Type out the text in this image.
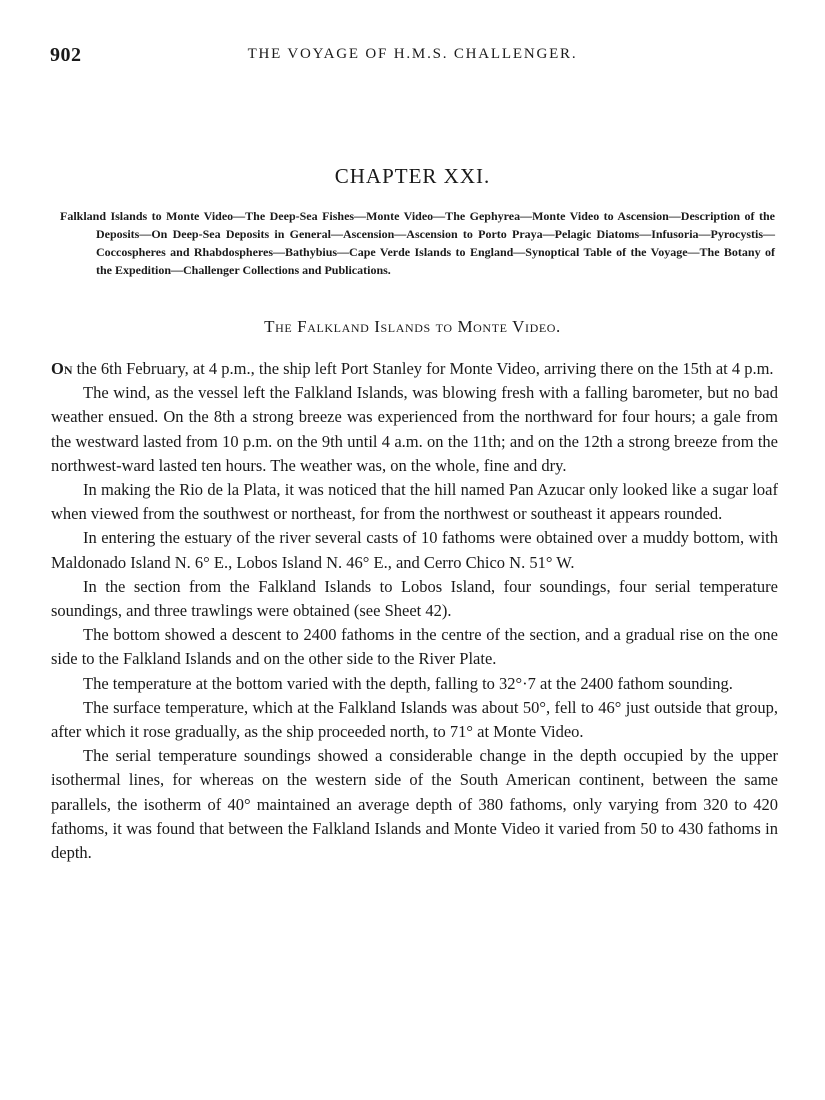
902	THE VOYAGE OF H.M.S. CHALLENGER.
CHAPTER XXI.
Falkland Islands to Monte Video—The Deep-Sea Fishes—Monte Video—The Gephyrea—Monte Video to Ascension—Description of the Deposits—On Deep-Sea Deposits in General—Ascension—Ascension to Porto Praya—Pelagic Diatoms—Infusoria—Pyrocystis—Coccospheres and Rhabdospheres—Bathybius—Cape Verde Islands to England—Synoptical Table of the Voyage—The Botany of the Expedition—Challenger Collections and Publications.
The Falkland Islands to Monte Video.

On the 6th February, at 4 p.m., the ship left Port Stanley for Monte Video, arriving there on the 15th at 4 p.m.

The wind, as the vessel left the Falkland Islands, was blowing fresh with a falling barometer, but no bad weather ensued. On the 8th a strong breeze was experienced from the northward for four hours; a gale from the westward lasted from 10 p.m. on the 9th until 4 a.m. on the 11th; and on the 12th a strong breeze from the northwest-ward lasted ten hours. The weather was, on the whole, fine and dry.

In making the Rio de la Plata, it was noticed that the hill named Pan Azucar only looked like a sugar loaf when viewed from the southwest or northeast, for from the northwest or southeast it appears rounded.

In entering the estuary of the river several casts of 10 fathoms were obtained over a muddy bottom, with Maldonado Island N. 6° E., Lobos Island N. 46° E., and Cerro Chico N. 51° W.

In the section from the Falkland Islands to Lobos Island, four soundings, four serial temperature soundings, and three trawlings were obtained (see Sheet 42).

The bottom showed a descent to 2400 fathoms in the centre of the section, and a gradual rise on the one side to the Falkland Islands and on the other side to the River Plate.

The temperature at the bottom varied with the depth, falling to 32°·7 at the 2400 fathom sounding.

The surface temperature, which at the Falkland Islands was about 50°, fell to 46° just outside that group, after which it rose gradually, as the ship proceeded north, to 71° at Monte Video.

The serial temperature soundings showed a considerable change in the depth occupied by the upper isothermal lines, for whereas on the western side of the South American continent, between the same parallels, the isotherm of 40° maintained an average depth of 380 fathoms, only varying from 320 to 420 fathoms, it was found that between the Falkland Islands and Monte Video it varied from 50 to 430 fathoms in depth.
